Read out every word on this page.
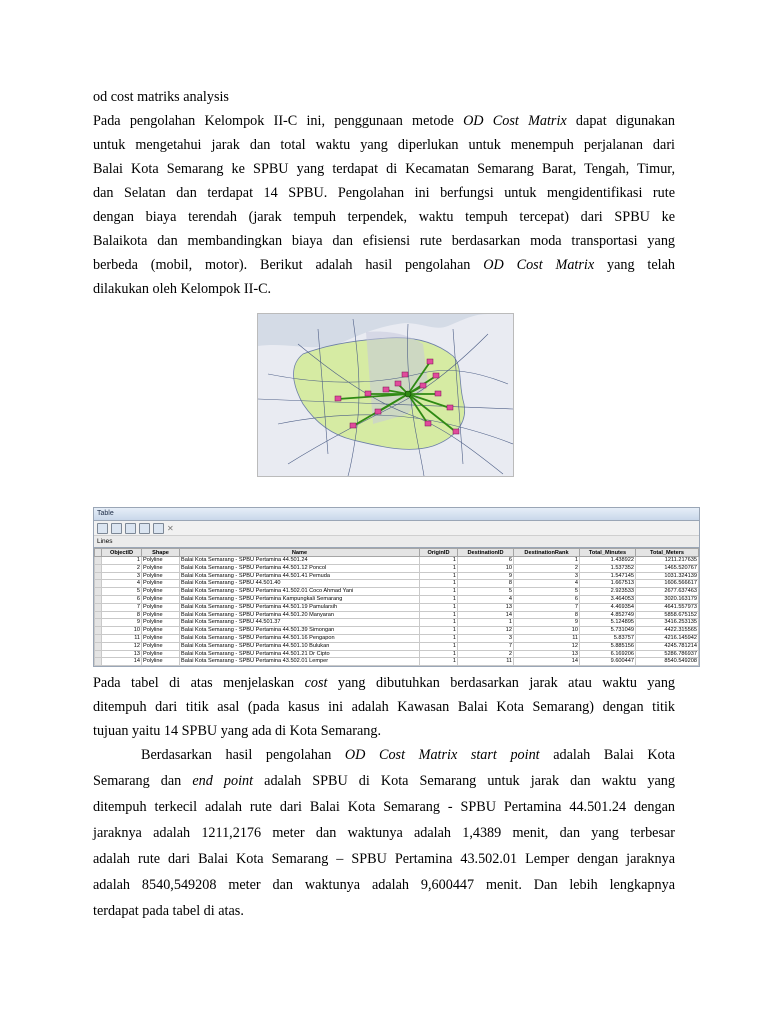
od cost matriks analysis
Pada pengolahan Kelompok II-C ini, penggunaan metode OD Cost Matrix dapat digunakan
untuk mengetahui jarak dan total waktu yang diperlukan untuk menempuh perjalanan dari
Balai Kota Semarang ke SPBU yang terdapat di Kecamatan Semarang Barat, Tengah, Timur,
dan Selatan dan terdapat 14 SPBU. Pengolahan ini berfungsi untuk mengidentifikasi rute
dengan biaya terendah (jarak tempuh terpendek, waktu tempuh tercepat) dari SPBU ke
Balaikota dan membandingkan biaya dan efisiensi rute berdasarkan moda transportasi yang
berbeda (mobil, motor). Berikut adalah hasil pengolahan OD Cost Matrix yang telah
dilakukan oleh Kelompok II-C.
Table
✕
Lines
	ObjectID	Shape	Name	OriginID	DestinationID	DestinationRank	Total_Minutes	Total_Meters
	1	Polyline	Balai Kota Semarang - SPBU Pertamina 44.501.24	1	6	1	1.438922	1211.217635
	2	Polyline	Balai Kota Semarang - SPBU Pertamina 44.501.12 Poncol	1	10	2	1.537352	1465.520767
	3	Polyline	Balai Kota Semarang - SPBU Pertamina 44.501.41 Pemuda	1	9	3	1.547145	1031.324139
	4	Polyline	Balai Kota Semarang - SPBU 44.501.40	1	8	4	1.667513	1606.566617
	5	Polyline	Balai Kota Semarang - SPBU Pertamina 41.502.01 Coco Ahmad Yani	1	5	5	2.923533	2677.637463
	6	Polyline	Balai Kota Semarang - SPBU Pertamina Kampungkali Semarang	1	4	6	3.464053	3020.163179
	7	Polyline	Balai Kota Semarang - SPBU Pertamina 44.501.19 Pamularsih	1	13	7	4.469354	4641.557973
	8	Polyline	Balai Kota Semarang - SPBU Pertamina 44.501.20 Manyaran	1	14	8	4.852749	5858.675152
	9	Polyline	Balai Kota Semarang - SPBU 44.501.37	1	1	9	5.124895	3416.253135
	10	Polyline	Balai Kota Semarang - SPBU Pertamina 44.501.39 Simongan	1	12	10	5.731049	4422.315565
	11	Polyline	Balai Kota Semarang - SPBU Pertamina 44.501.16 Pengapon	1	3	11	5.83757	4216.145942
	12	Polyline	Balai Kota Semarang - SPBU Pertamina 44.501.10 Bulukan	1	7	12	5.885156	4245.781214
	13	Polyline	Balai Kota Semarang - SPBU Pertamina 44.501.21 Dr Cipto	1	2	13	6.169206	5286.786937
	14	Polyline	Balai Kota Semarang - SPBU Pertamina 43.502.01 Lemper	1	11	14	9.600447	8540.549208
Pada tabel di atas menjelaskan cost yang dibutuhkan berdasarkan jarak atau waktu yang
ditempuh dari titik asal (pada kasus ini adalah Kawasan Balai Kota Semarang) dengan titik
tujuan yaitu 14 SPBU yang ada di Kota Semarang.
Berdasarkan hasil pengolahan OD Cost Matrix start point adalah Balai Kota
Semarang dan end point adalah SPBU di Kota Semarang untuk jarak dan waktu yang
ditempuh terkecil adalah rute dari Balai Kota Semarang - SPBU Pertamina 44.501.24 dengan
jaraknya adalah 1211,2176 meter dan waktunya adalah 1,4389 menit, dan yang terbesar
adalah rute dari Balai Kota Semarang – SPBU Pertamina 43.502.01 Lemper dengan jaraknya
adalah 8540,549208 meter dan waktunya adalah 9,600447 menit. Dan lebih lengkapnya
terdapat pada tabel di atas.
